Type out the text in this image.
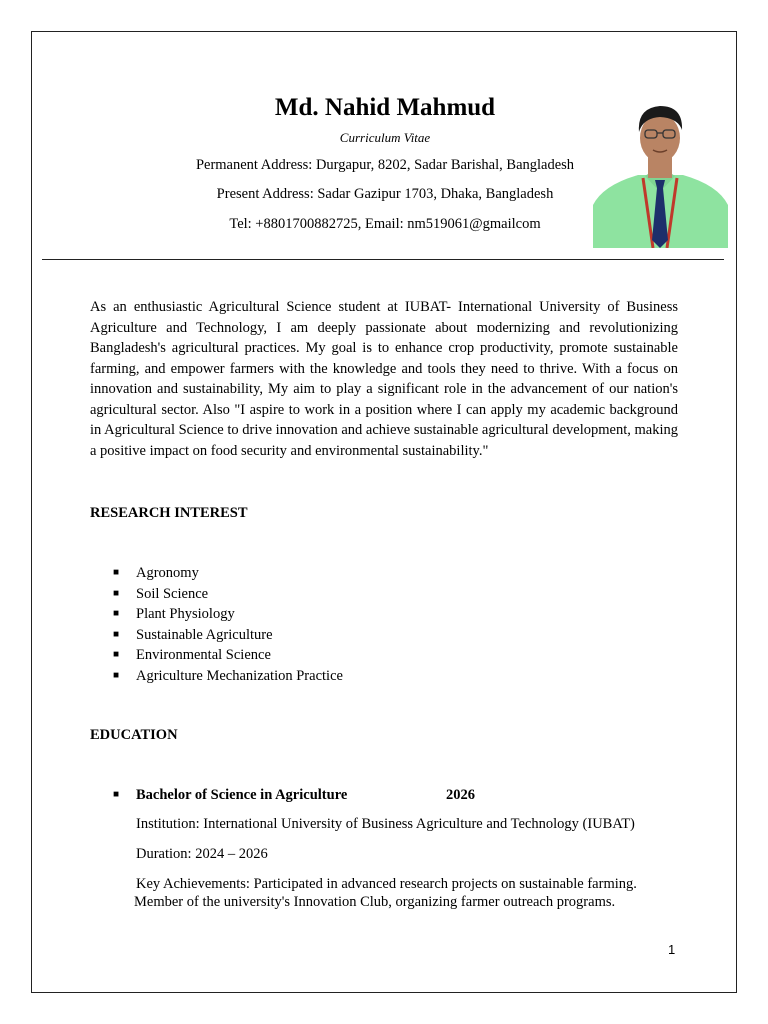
Md. Nahid Mahmud

Curriculum Vitae

Permanent Address: Durgapur, 8202, Sadar Barishal, Bangladesh

Present Address: Sadar Gazipur 1703, Dhaka, Bangladesh

Tel: +8801700882725, Email: nm519061@gmailcom

As an enthusiastic Agricultural Science student at IUBAT- International University of Business Agriculture and Technology, I am deeply passionate about modernizing and revolutionizing Bangladesh's agricultural practices. My goal is to enhance crop productivity, promote sustainable farming, and empower farmers with the knowledge and tools they need to thrive. With a focus on innovation and sustainability, My aim to play a significant role in the advancement of our nation's agricultural sector. Also "I aspire to work in a position where I can apply my academic background in Agricultural Science to drive innovation and achieve sustainable agricultural development, making a positive impact on food security and environmental sustainability."

RESEARCH INTEREST

■	Agronomy
■	Soil Science
■	Plant Physiology
■	Sustainable Agriculture
■	Environmental Science
■	Agriculture Mechanization Practice

EDUCATION

■	Bachelor of Science in Agriculture	2026

Institution: International University of Business Agriculture and Technology (IUBAT)

Duration: 2024 – 2026

Key Achievements: Participated in advanced research projects on sustainable farming.

Member of the university's Innovation Club, organizing farmer outreach programs.

1
